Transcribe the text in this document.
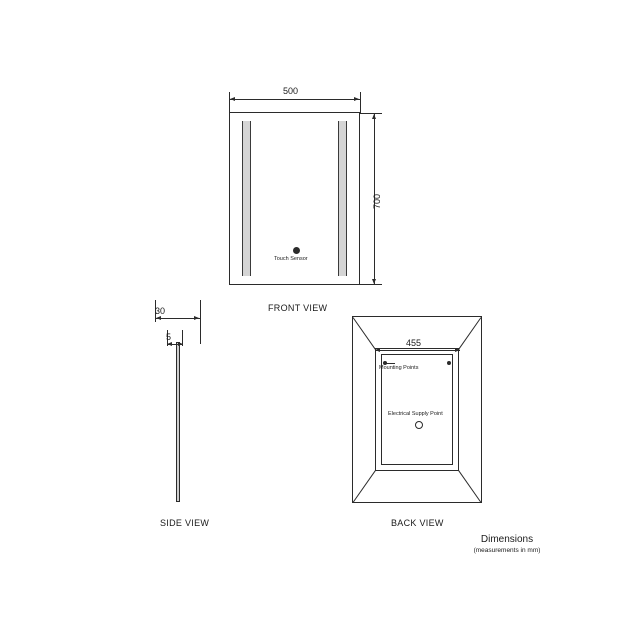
Touch Sensor
500
700
FRONT VIEW
30
5
SIDE VIEW
Mounting Points
Electrical Supply Point
455
BACK VIEW
Dimensions
(measurements in mm)
